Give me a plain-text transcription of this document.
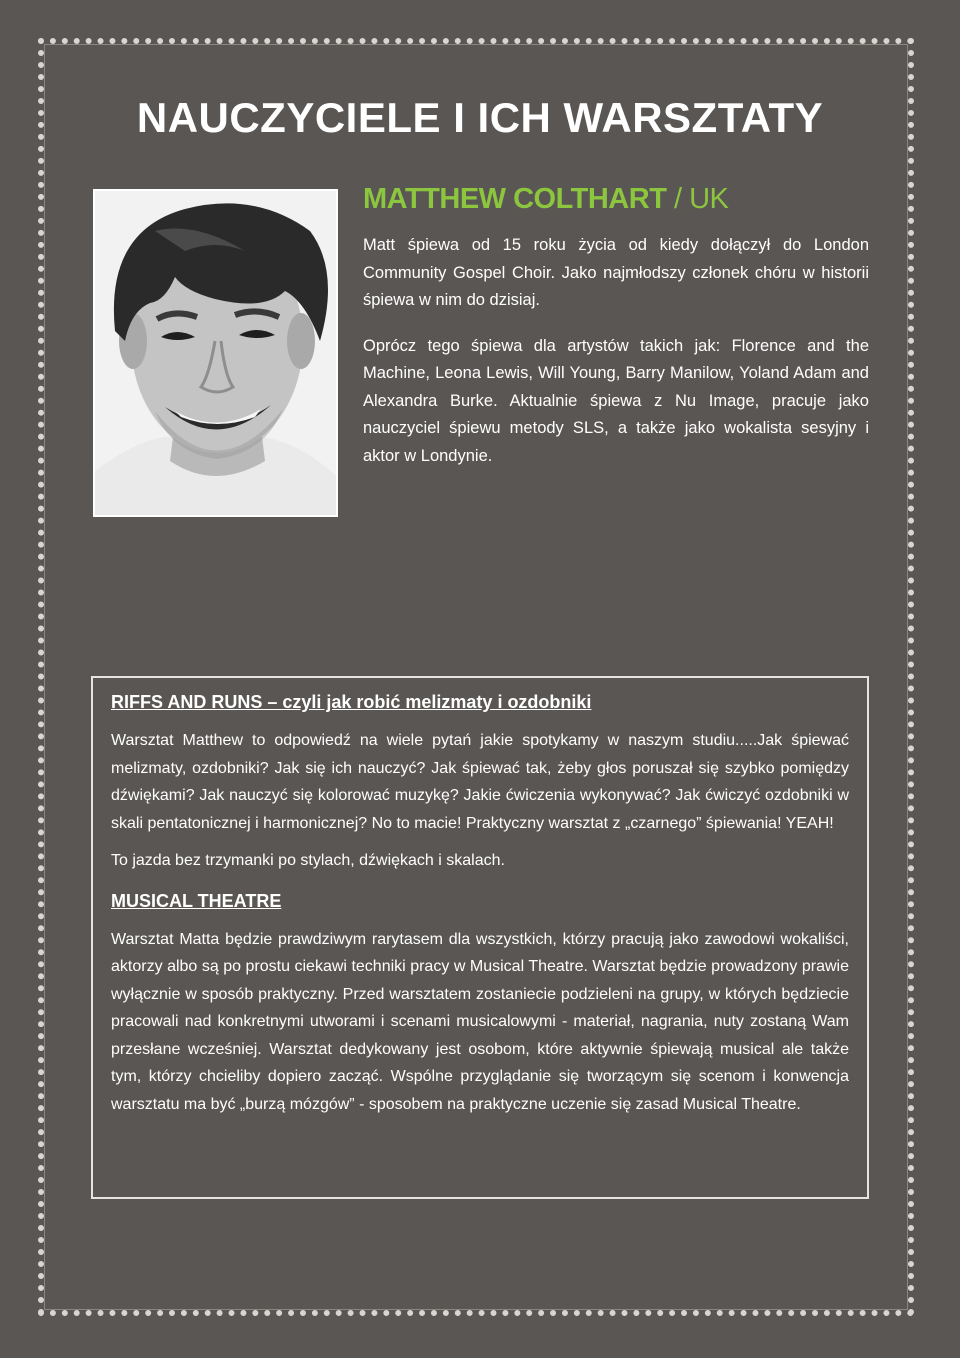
NAUCZYCIELE I ICH WARSZTATY
MATTHEW COLTHART / UK

Matt śpiewa od 15 roku życia od kiedy dołączył do London Community Gospel Choir. Jako najmłodszy członek chóru w historii śpiewa w nim do dzisiaj.

Oprócz tego śpiewa dla artystów takich jak: Florence and the Machine, Leona Lewis, Will Young, Barry Manilow, Yoland Adam and Alexandra Burke. Aktualnie śpiewa z Nu Image, pracuje jako nauczyciel śpiewu metody SLS, a także jako wokalista sesyjny i aktor w Londynie.

RIFFS AND RUNS – czyli jak robić melizmaty i ozdobniki

Warsztat Matthew to odpowiedź na wiele pytań jakie spotykamy w naszym studiu.....Jak śpiewać melizmaty, ozdobniki? Jak się ich nauczyć? Jak śpiewać tak, żeby głos poruszał się szybko pomiędzy dźwiękami? Jak nauczyć się kolorować muzykę? Jakie ćwiczenia wykonywać? Jak ćwiczyć ozdobniki w skali pentatonicznej i harmonicznej? No to macie! Praktyczny warsztat z „czarnego” śpiewania! YEAH!

To jazda bez trzymanki po stylach, dźwiękach i skalach.

MUSICAL THEATRE

Warsztat Matta będzie prawdziwym rarytasem dla wszystkich, którzy pracują jako zawodowi wokaliści, aktorzy albo są po prostu ciekawi techniki pracy w Musical Theatre. Warsztat będzie prowadzony prawie wyłącznie w sposób praktyczny. Przed warsztatem zostaniecie podzieleni na grupy, w których będziecie pracowali nad konkretnymi utworami i scenami musicalowymi - materiał, nagrania, nuty zostaną Wam przesłane wcześniej. Warsztat dedykowany jest osobom, które aktywnie śpiewają musical ale także tym, którzy chcieliby dopiero zacząć. Wspólne przyglądanie się tworzącym się scenom i konwencja warsztatu ma być „burzą mózgów” - sposobem na praktyczne uczenie się zasad Musical Theatre.
